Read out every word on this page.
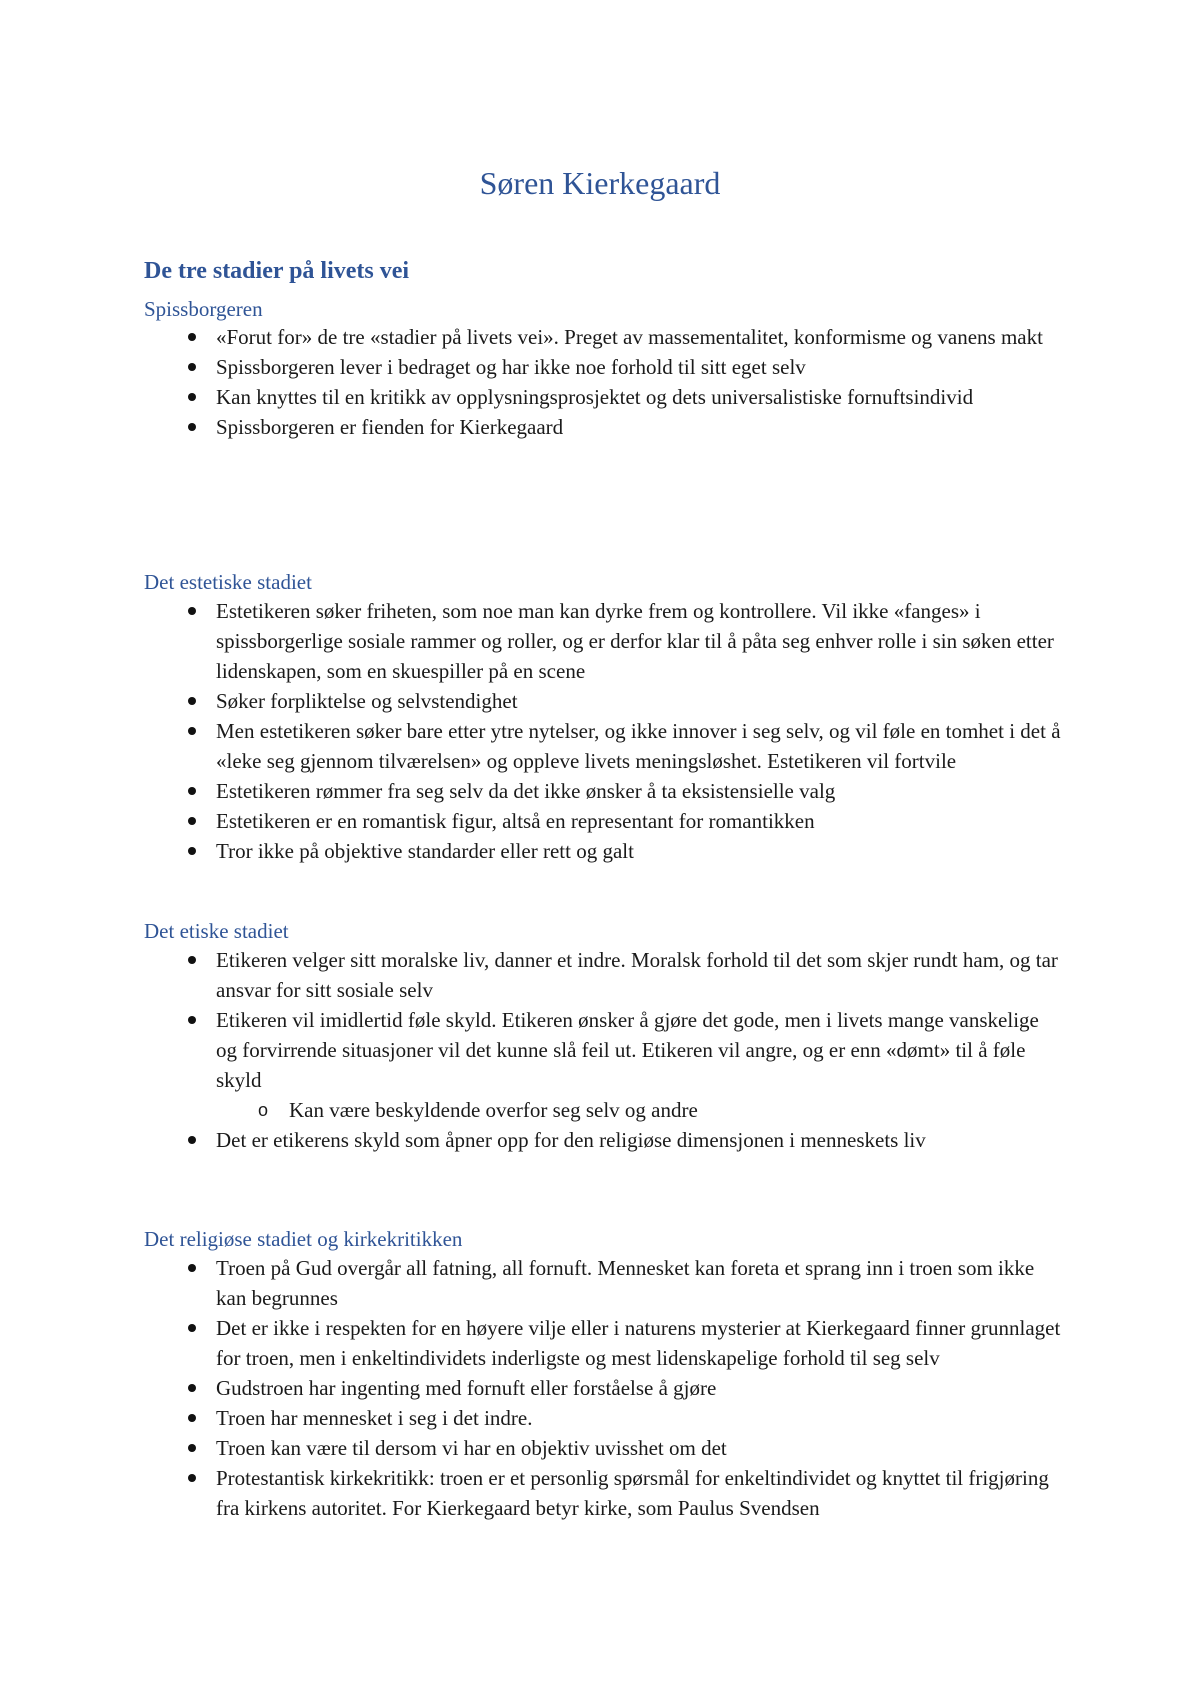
Søren Kierkegaard
De tre stadier på livets vei
Spissborgeren
«Forut for» de tre «stadier på livets vei». Preget av massementalitet, konformisme og vanens makt
Spissborgeren lever i bedraget og har ikke noe forhold til sitt eget selv
Kan knyttes til en kritikk av opplysningsprosjektet og dets universalistiske fornuftsindivid
Spissborgeren er fienden for Kierkegaard
Det estetiske stadiet
Estetikeren søker friheten, som noe man kan dyrke frem og kontrollere. Vil ikke «fanges» i spissborgerlige sosiale rammer og roller, og er derfor klar til å påta seg enhver rolle i sin søken etter lidenskapen, som en skuespiller på en scene
Søker forpliktelse og selvstendighet
Men estetikeren søker bare etter ytre nytelser, og ikke innover i seg selv, og vil føle en tomhet i det å «leke seg gjennom tilværelsen» og oppleve livets meningsløshet. Estetikeren vil fortvile
Estetikeren rømmer fra seg selv da det ikke ønsker å ta eksistensielle valg
Estetikeren er en romantisk figur, altså en representant for romantikken
Tror ikke på objektive standarder eller rett og galt
Det etiske stadiet
Etikeren velger sitt moralske liv, danner et indre. Moralsk forhold til det som skjer rundt ham, og tar ansvar for sitt sosiale selv
Etikeren vil imidlertid føle skyld. Etikeren ønsker å gjøre det gode, men i livets mange vanskelige og forvirrende situasjoner vil det kunne slå feil ut. Etikeren vil angre, og er enn «dømt» til å føle skyld
o Kan være beskyldende overfor seg selv og andre
Det er etikerens skyld som åpner opp for den religiøse dimensjonen i menneskets liv
Det religiøse stadiet og kirkekritikken
Troen på Gud overgår all fatning, all fornuft. Mennesket kan foreta et sprang inn i troen som ikke kan begrunnes
Det er ikke i respekten for en høyere vilje eller i naturens mysterier at Kierkegaard finner grunnlaget for troen, men i enkeltindividets inderligste og mest lidenskapelige forhold til seg selv
Gudstroen har ingenting med fornuft eller forståelse å gjøre
Troen har mennesket i seg i det indre.
Troen kan være til dersom vi har en objektiv uvisshet om det
Protestantisk kirkekritikk: troen er et personlig spørsmål for enkeltindividet og knyttet til frigjøring fra kirkens autoritet. For Kierkegaard betyr kirke, som Paulus Svendsen
